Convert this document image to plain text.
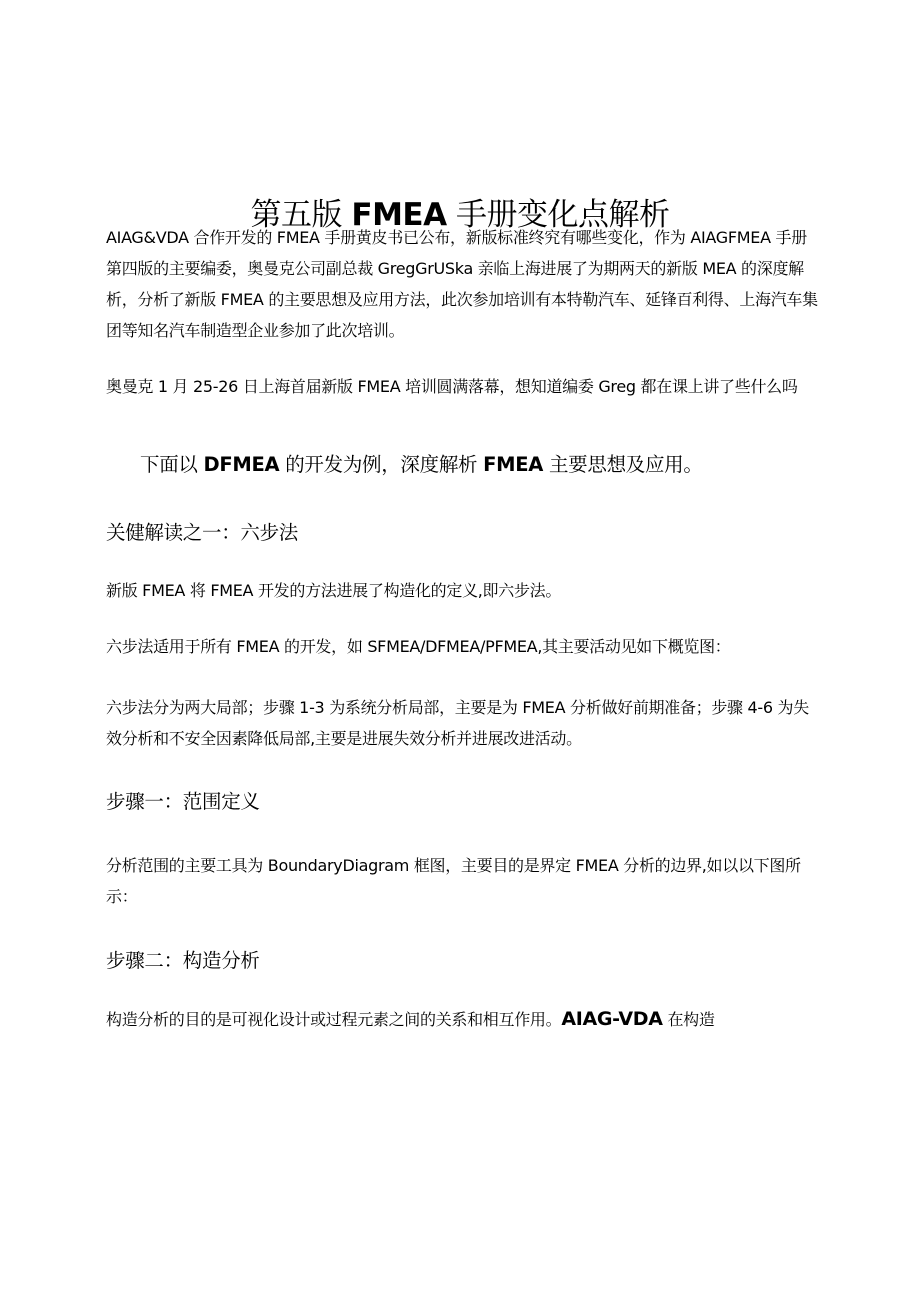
第五版 FMEA 手册变化点解析

AIAG&VDA 合作开发的 FMEA 手册黄皮书已公布，新版标准终究有哪些变化，作为 AIAGFMEA 手册第四版的主要编委，奥曼克公司副总裁 GregGrUSka 亲临上海进展了为期两天的新版 MEA 的深度解析，分析了新版 FMEA 的主要思想及应用方法，此次参加培训有本特勒汽车、延锋百利得、上海汽车集团等知名汽车制造型企业参加了此次培训。

奥曼克 1 月 25-26 日上海首届新版 FMEA 培训圆满落幕，想知道编委 Greg 都在课上讲了些什么吗

下面以 DFMEA 的开发为例，深度解析 FMEA 主要思想及应用。

关健解读之一：六步法

新版 FMEA 将 FMEA 开发的方法进展了构造化的定义,即六步法。

六步法适用于所有 FMEA 的开发，如 SFMEA/DFMEA/PFMEA,其主要活动见如下概览图：

六步法分为两大局部；步骤 1-3 为系统分析局部，主要是为 FMEA 分析做好前期准备；步骤 4-6 为失效分析和不安全因素降低局部,主要是进展失效分析并进展改进活动。

步骤一：范围定义

分析范围的主要工具为 BoundaryDiagram 框图，主要目的是界定 FMEA 分析的边界,如以以下图所示：

步骤二：构造分析

构造分析的目的是可视化设计或过程元素之间的关系和相互作用。AIAG-VDA 在构造
